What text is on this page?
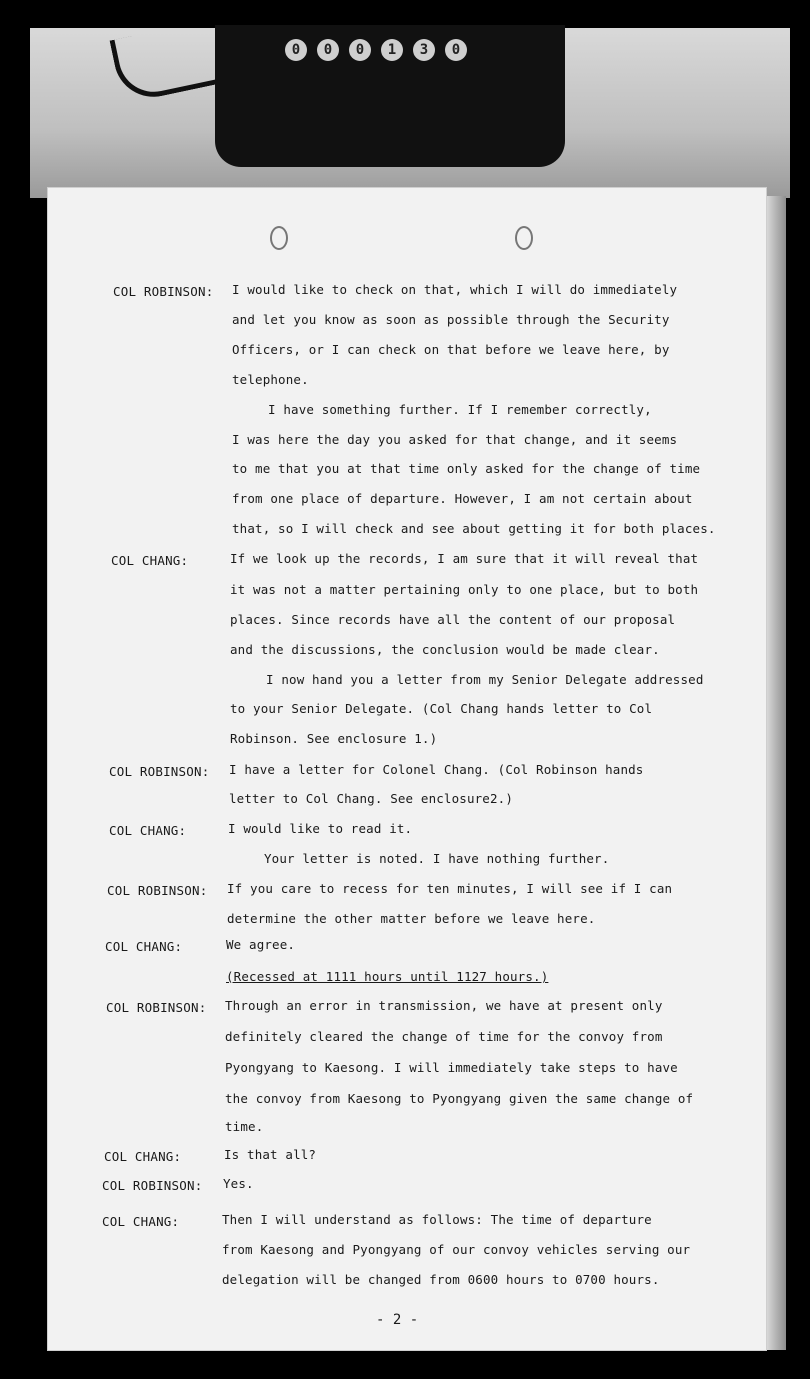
0	0	0	1	3	0
COL ROBINSON: I would like to check on that, which I will do immediately
and let you know as soon as possible through the Security
Officers, or I can check on that before we leave here, by
telephone.
I have something further. If I remember correctly,
I was here the day you asked for that change, and it seems
to me that you at that time only asked for the change of time
from one place of departure. However, I am not certain about
that, so I will check and see about getting it for both places.
COL CHANG:	If we look up the records, I am sure that it will reveal that
it was not a matter pertaining only to one place, but to both
places. Since records have all the content of our proposal
and the discussions, the conclusion would be made clear.
I now hand you a letter from my Senior Delegate addressed
to your Senior Delegate. (Col Chang hands letter to Col
Robinson. See enclosure 1.)
COL ROBINSON: I have a letter for Colonel Chang. (Col Robinson hands
letter to Col Chang. See enclosure2.)
COL CHANG:	I would like to read it.
Your letter is noted. I have nothing further.
COL ROBINSON: If you care to recess for ten minutes, I will see if I can
determine the other matter before we leave here.
COL CHANG:	We agree.
(Recessed at 1111 hours until 1127 hours.)
COL ROBINSON: Through an error in transmission, we have at present only
definitely cleared the change of time for the convoy from
Pyongyang to Kaesong. I will immediately take steps to have
the convoy from Kaesong to Pyongyang given the same change of
time.
COL CHANG:	Is that all?
COL ROBINSON: Yes.
COL CHANG:	Then I will understand as follows: The time of departure
from Kaesong and Pyongyang of our convoy vehicles serving our
delegation will be changed from 0600 hours to 0700 hours.
- 2 -
